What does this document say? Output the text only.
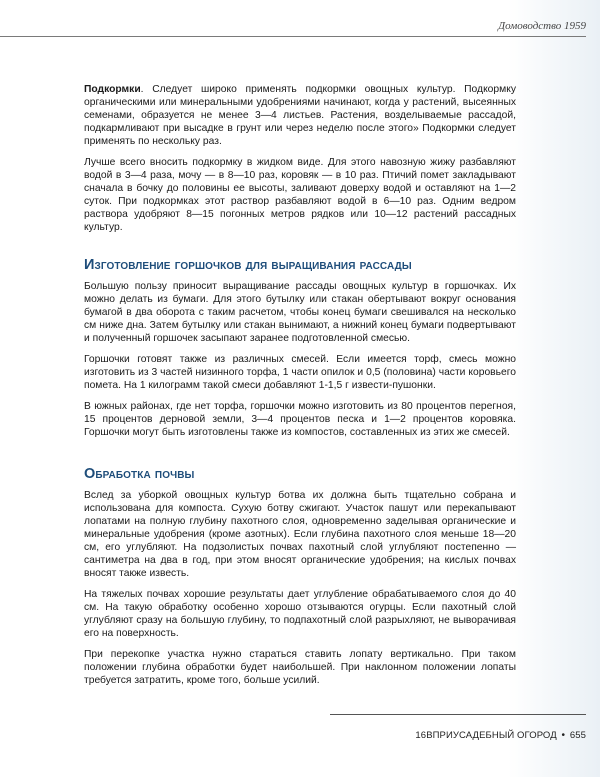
Домоводство 1959

Подкормки. Следует широко применять подкормки овощных культур. Подкормку органическими или минеральными удобрениями начинают, когда у растений, высеянных семенами, образуется не менее 3—4 листьев. Растения, возделываемые рассадой, подкармливают при высадке в грунт или через неделю после этого» Подкормки следует применять по нескольку раз.

Лучше всего вносить подкормку в жидком виде. Для этого навозную жижу разбавляют водой в 3—4 раза, мочу — в 8—10 раз, коровяк — в 10 раз. Птичий помет закладывают сначала в бочку до половины ее высоты, заливают доверху водой и оставляют на 1—2 суток. При подкормках этот раствор разбавляют водой в 6—10 раз. Одним ведром раствора удобряют 8—15 погонных метров рядков или 10—12 растений рассадных культур.

Изготовление горшочков для выращивания рассады

Большую пользу приносит выращивание рассады овощных культур в горшочках. Их можно делать из бумаги. Для этого бутылку или стакан обертывают вокруг основания бумагой в два оборота с таким расчетом, чтобы конец бумаги свешивался на несколько см ниже дна. Затем бутылку или стакан вынимают, а нижний конец бумаги подвертывают и полученный горшочек засыпают заранее подготовленной смесью.

Горшочки готовят также из различных смесей. Если имеется торф, смесь можно изготовить из 3 частей низинного торфа, 1 части опилок и 0,5 (половина) части коровьего помета. На 1 килограмм такой смеси добавляют 1-1,5 г извести-пушонки.

В южных районах, где нет торфа, горшочки можно изготовить из 80 процентов перегноя, 15 процентов дерновой земли, 3—4 процентов песка и 1—2 процентов коровяка. Горшочки могут быть изготовлены также из компостов, составленных из этих же смесей.

Обработка почвы

Вслед за уборкой овощных культур ботва их должна быть тщательно собрана и использована для компоста. Сухую ботву сжигают. Участок пашут или перекапывают лопатами на полную глубину пахотного слоя, одновременно заделывая органические и минеральные удобрения (кроме азотных). Если глубина пахотного слоя меньше 18—20 см, его углубляют. На подзолистых почвах пахотный слой углубляют постепенно — сантиметра на два в год, при этом вносят органические удобрения; на кислых почвах вносят также известь.

На тяжелых почвах хорошие результаты дает углубление обрабатываемого слоя до 40 см. На такую обработку особенно хорошо отзываются огурцы. Если пахотный слой углубляют сразу на большую глубину, то подпахотный слой разрыхляют, не выворачивая его на поверхность.

При перекопке участка нужно стараться ставить лопату вертикально. При таком положении глубина обработки будет наибольшей. При наклонном положении лопаты требуется затратить, кроме того, больше усилий.

16ВПРИУСАДЕБНЫЙ ОГОРОД • 655
